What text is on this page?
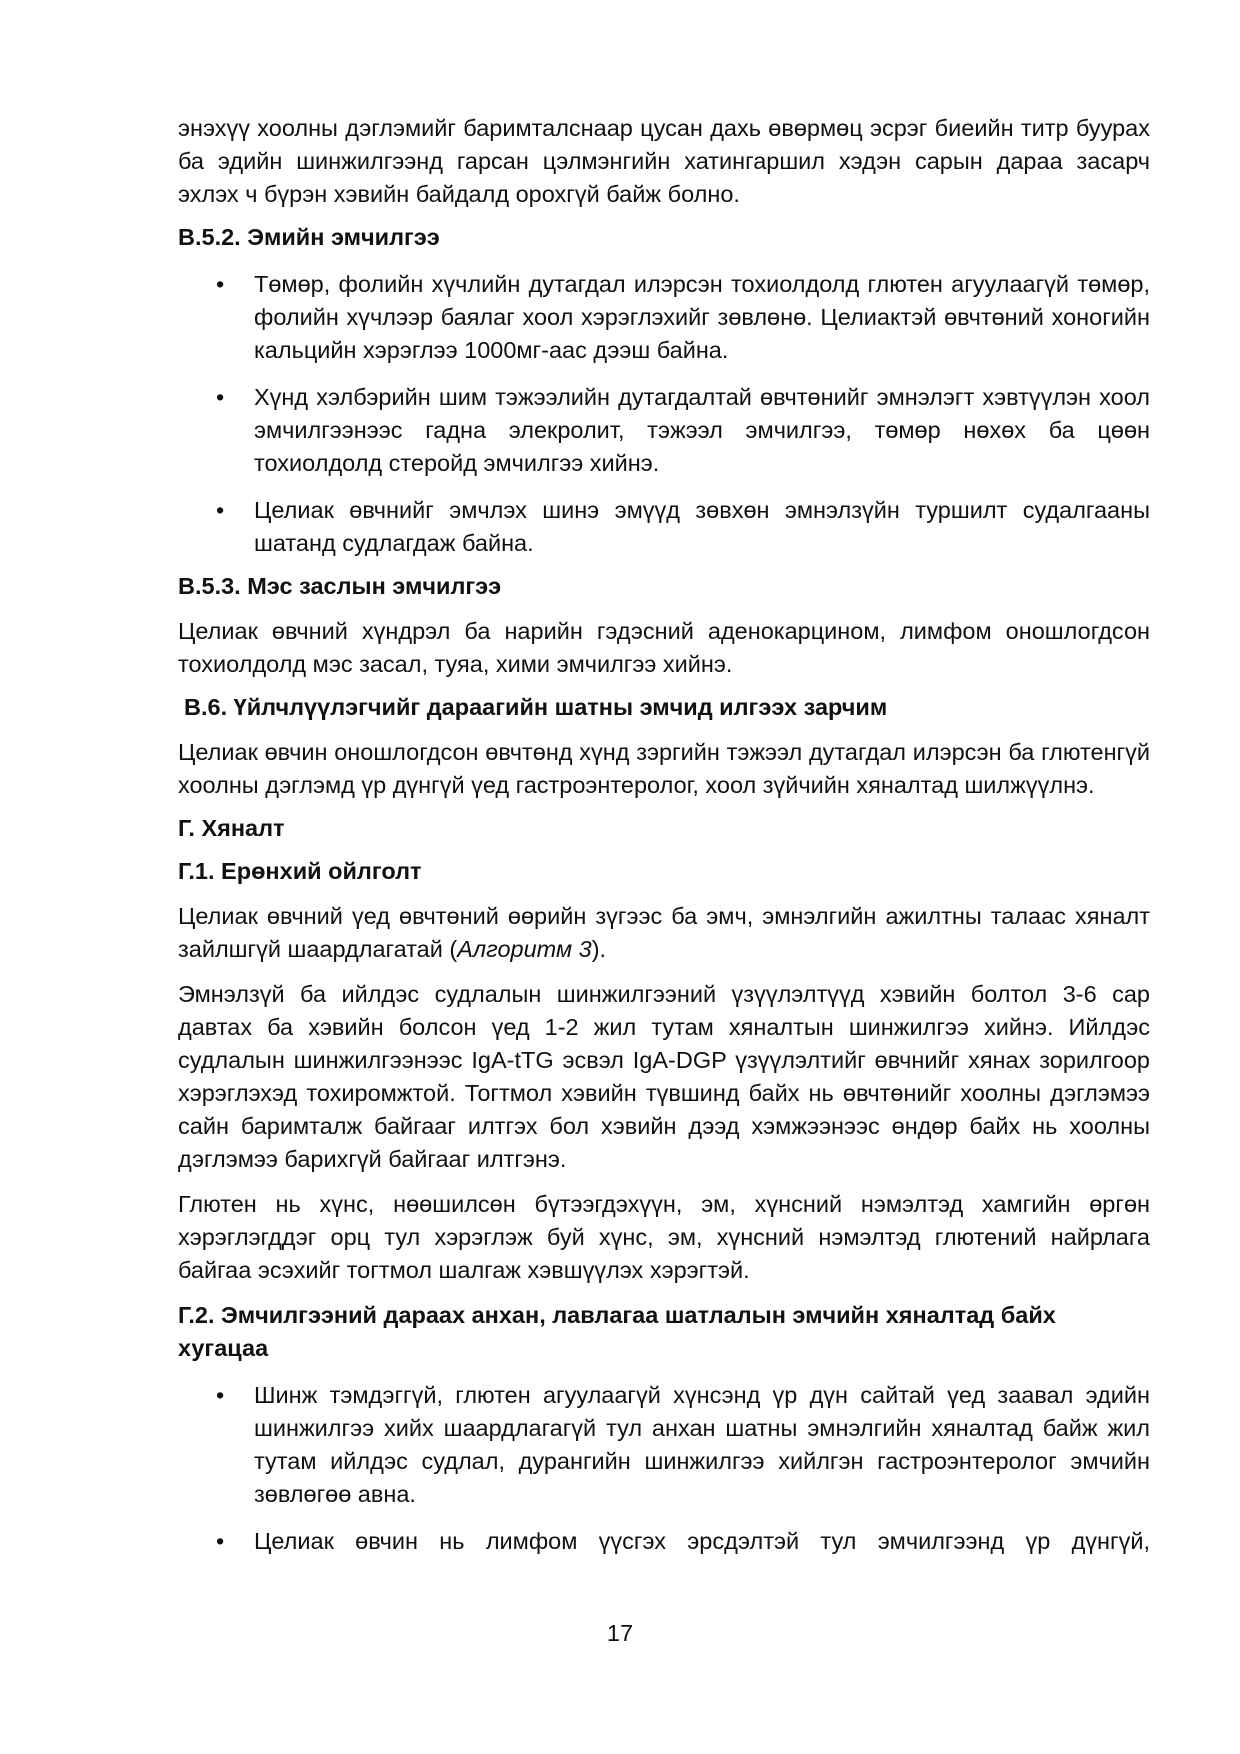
энэхүү хоолны дэглэмийг баримталснаар цусан дахь өвөрмөц эсрэг биеийн титр буурах ба эдийн шинжилгээнд гарсан цэлмэнгийн хатингаршил хэдэн сарын дараа засарч эхлэх ч бүрэн хэвийн байдалд орохгүй байж болно.

В.5.2. Эмийн эмчилгээ
• Төмөр, фолийн хүчлийн дутагдал илэрсэн тохиолдолд глютен агуулаагүй төмөр, фолийн хүчлээр баялаг хоол хэрэглэхийг зөвлөнө. Целиактэй өвчтөний хоногийн кальцийн хэрэглээ 1000мг-аас дээш байна.

• Хүнд хэлбэрийн шим тэжээлийн дутагдалтай өвчтөнийг эмнэлэгт хэвтүүлэн хоол эмчилгээнээс гадна элекролит, тэжээл эмчилгээ, төмөр нөхөх ба цөөн тохиолдолд стеройд эмчилгээ хийнэ.

• Целиак өвчнийг эмчлэх шинэ эмүүд зөвхөн эмнэлзүйн туршилт судалгааны шатанд судлагдаж байна.

В.5.3. Мэс заслын эмчилгээ

Целиак өвчний хүндрэл ба нарийн гэдэсний аденокарцином, лимфом оношлогдсон тохиолдолд мэс засал, туяа, хими эмчилгээ хийнэ.

В.6. Үйлчлүүлэгчийг дараагийн шатны эмчид илгээх зарчим

Целиак өвчин оношлогдсон өвчтөнд хүнд зэргийн тэжээл дутагдал илэрсэн ба глютенгүй хоолны дэглэмд үр дүнгүй үед гастроэнтеролог, хоол зүйчийн хяналтад шилжүүлнэ.

Г. Хяналт
Г.1. Ерөнхий ойлголт

Целиак өвчний үед өвчтөний өөрийн зүгээс ба эмч, эмнэлгийн ажилтны талаас хяналт зайлшгүй шаардлагатай (Алгоритм 3).

Эмнэлзүй ба ийлдэс судлалын шинжилгээний үзүүлэлтүүд хэвийн болтол 3-6 сар давтах ба хэвийн болсон үед 1-2 жил тутам хяналтын шинжилгээ хийнэ. Ийлдэс судлалын шинжилгээнээс IgA-tTG эсвэл IgA-DGP үзүүлэлтийг өвчнийг хянах зорилгоор хэрэглэхэд тохиромжтой. Тогтмол хэвийн түвшинд байх нь өвчтөнийг хоолны дэглэмээ сайн баримталж байгааг илтгэх бол хэвийн дээд хэмжээнээс өндөр байх нь хоолны дэглэмээ барихгүй байгааг илтгэнэ.

Глютен нь хүнс, нөөшилсөн бүтээгдэхүүн, эм, хүнсний нэмэлтэд хамгийн өргөн хэрэглэгддэг орц тул хэрэглэж буй хүнс, эм, хүнсний нэмэлтэд глютений найрлага байгаа эсэхийг тогтмол шалгаж хэвшүүлэх хэрэгтэй.

Г.2. Эмчилгээний дараах анхан, лавлагаа шатлалын эмчийн хяналтад байх хугацаа
• Шинж тэмдэггүй, глютен агуулаагүй хүнсэнд үр дүн сайтай үед заавал эдийн шинжилгээ хийх шаардлагагүй тул анхан шатны эмнэлгийн хяналтад байж жил тутам ийлдэс судлал, дурангийн шинжилгээ хийлгэн гастроэнтеролог эмчийн зөвлөгөө авна.

• Целиак өвчин нь лимфом үүсгэх эрсдэлтэй тул эмчилгээнд үр дүнгүй,

17
